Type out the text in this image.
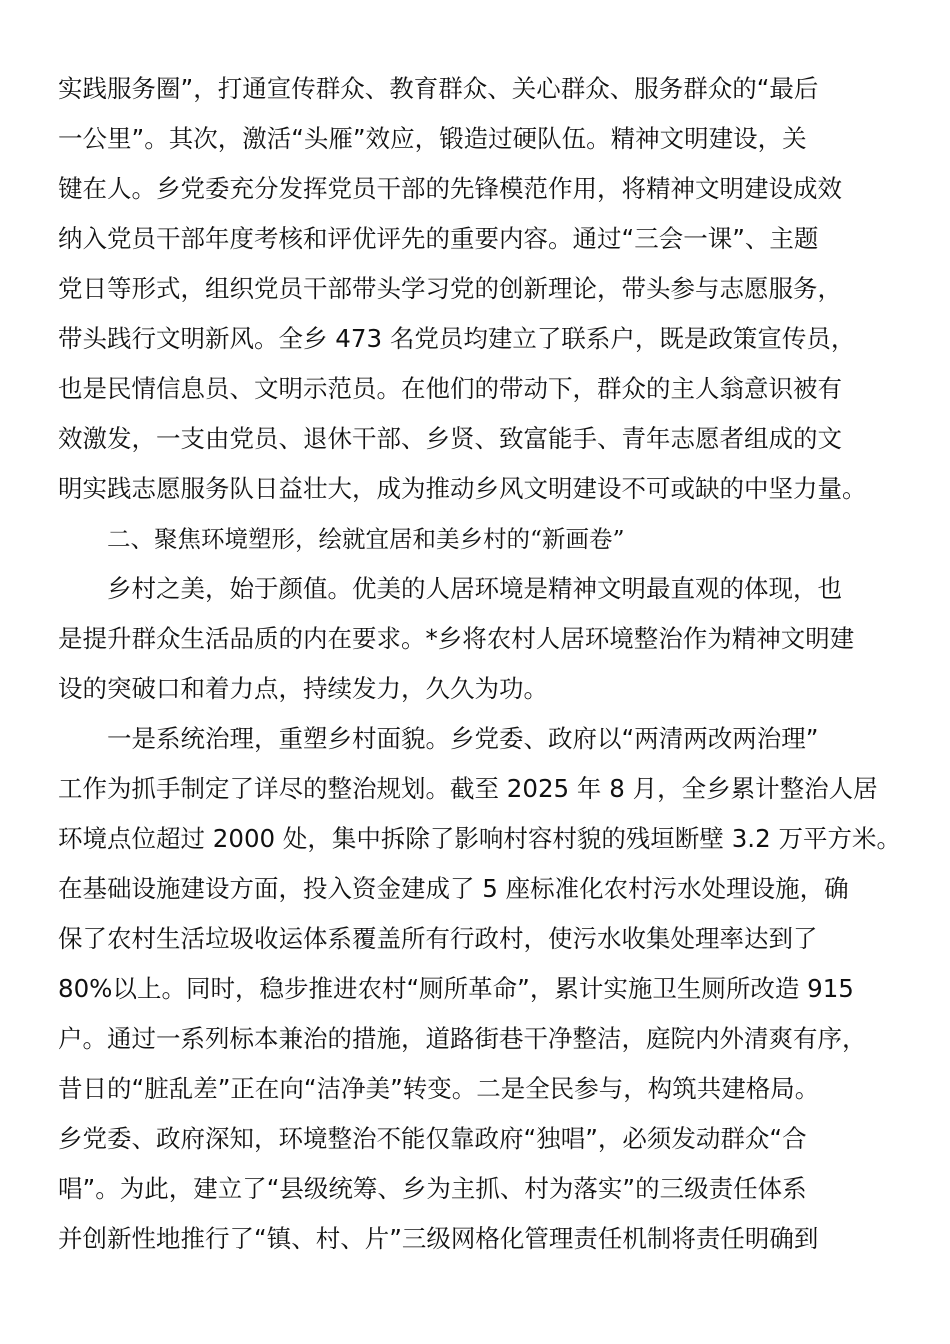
实践服务圈”，打通宣传群众、教育群众、关心群众、服务群众的“最后
一公里”。其次，激活“头雁”效应，锻造过硬队伍。精神文明建设，关
键在人。乡党委充分发挥党员干部的先锋模范作用，将精神文明建设成效
纳入党员干部年度考核和评优评先的重要内容。通过“三会一课”、主题
党日等形式，组织党员干部带头学习党的创新理论，带头参与志愿服务，
带头践行文明新风。全乡 473 名党员均建立了联系户，既是政策宣传员，
也是民情信息员、文明示范员。在他们的带动下，群众的主人翁意识被有
效激发，一支由党员、退休干部、乡贤、致富能手、青年志愿者组成的文
明实践志愿服务队日益壮大，成为推动乡风文明建设不可或缺的中坚力量。
二、聚焦环境塑形，绘就宜居和美乡村的“新画卷”
乡村之美，始于颜值。优美的人居环境是精神文明最直观的体现，也
是提升群众生活品质的内在要求。*乡将农村人居环境整治作为精神文明建
设的突破口和着力点，持续发力，久久为功。
一是系统治理，重塑乡村面貌。乡党委、政府以“两清两改两治理”
工作为抓手制定了详尽的整治规划。截至 2025 年 8 月，全乡累计整治人居
环境点位超过 2000 处，集中拆除了影响村容村貌的残垣断壁 3.2 万平方米。
在基础设施建设方面，投入资金建成了 5 座标准化农村污水处理设施，确
保了农村生活垃圾收运体系覆盖所有行政村，使污水收集处理率达到了
80%以上。同时，稳步推进农村“厕所革命”，累计实施卫生厕所改造 915
户。通过一系列标本兼治的措施，道路街巷干净整洁，庭院内外清爽有序，
昔日的“脏乱差”正在向“洁净美”转变。二是全民参与，构筑共建格局。
乡党委、政府深知，环境整治不能仅靠政府“独唱”，必须发动群众“合
唱”。为此，建立了“县级统筹、乡为主抓、村为落实”的三级责任体系
并创新性地推行了“镇、村、片”三级网格化管理责任机制将责任明确到
